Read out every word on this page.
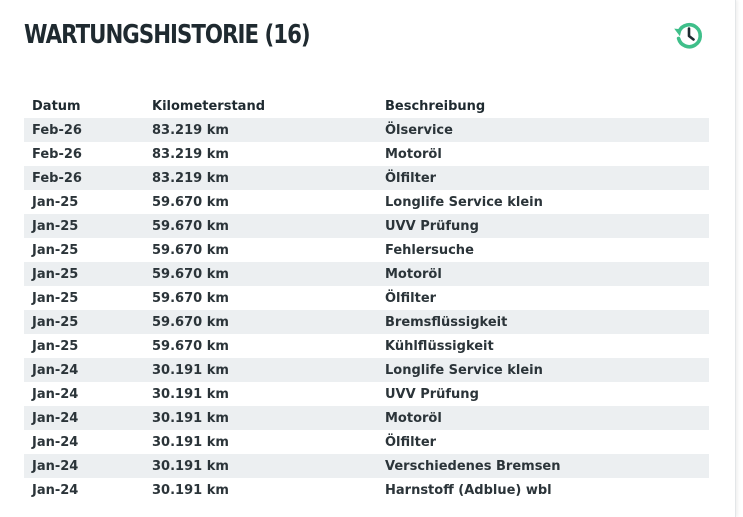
WARTUNGSHISTORIE (16)
Datum	Kilometerstand	Beschreibung
Feb-26	83.219 km	Ölservice
Feb-26	83.219 km	Motoröl
Feb-26	83.219 km	Ölfilter
Jan-25	59.670 km	Longlife Service klein
Jan-25	59.670 km	UVV Prüfung
Jan-25	59.670 km	Fehlersuche
Jan-25	59.670 km	Motoröl
Jan-25	59.670 km	Ölfilter
Jan-25	59.670 km	Bremsflüssigkeit
Jan-25	59.670 km	Kühlflüssigkeit
Jan-24	30.191 km	Longlife Service klein
Jan-24	30.191 km	UVV Prüfung
Jan-24	30.191 km	Motoröl
Jan-24	30.191 km	Ölfilter
Jan-24	30.191 km	Verschiedenes Bremsen
Jan-24	30.191 km	Harnstoff (Adblue) wbl
